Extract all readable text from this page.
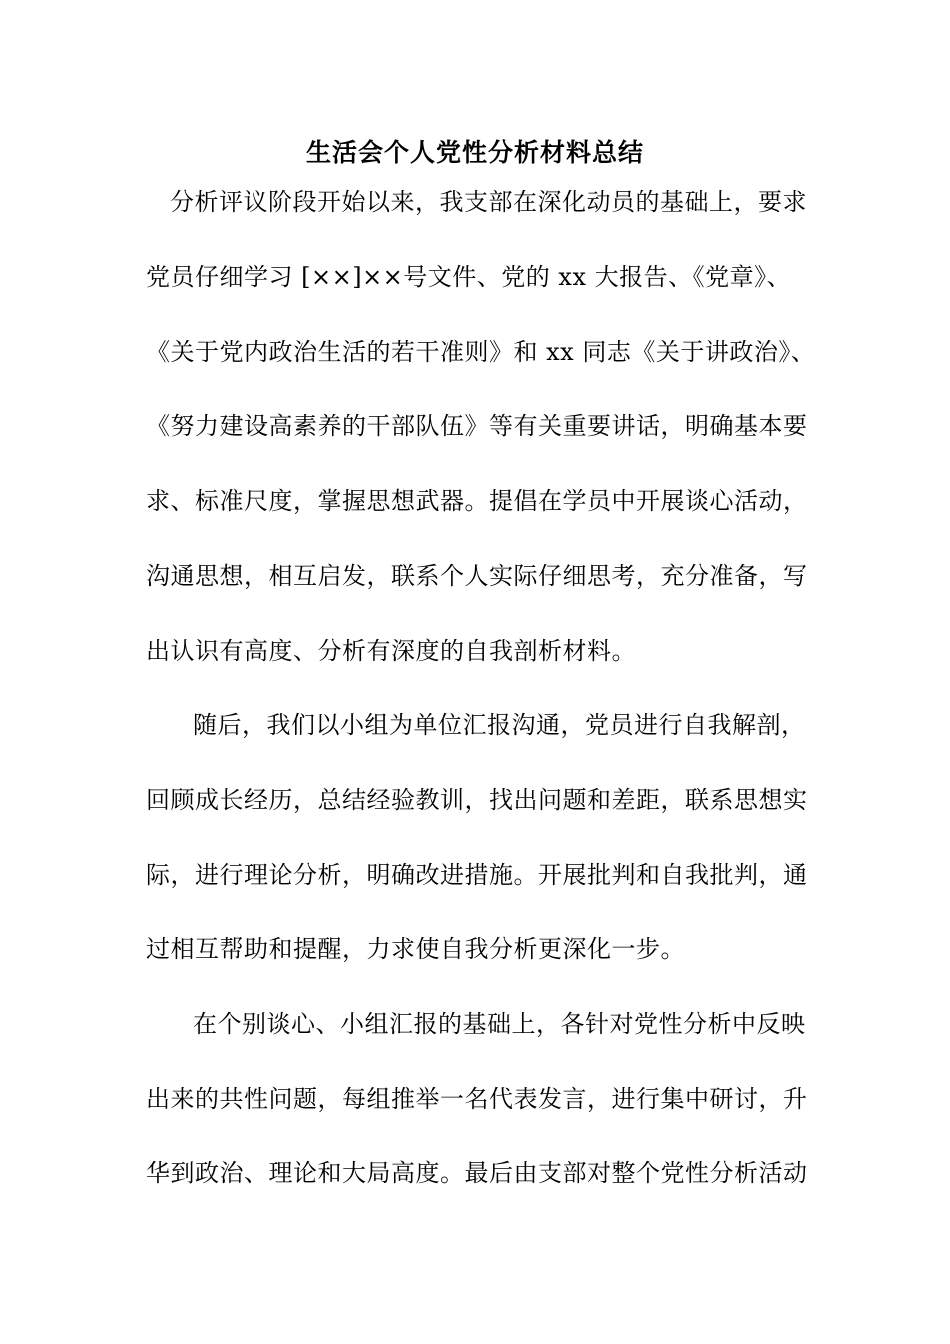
生活会个人党性分析材料总结
分析评议阶段开始以来，我支部在深化动员的基础上，要求
党员仔细学习 [××]××号文件、党的 xx 大报告、《党章》、
《关于党内政治生活的若干准则》和 xx 同志《关于讲政治》、
《努力建设高素养的干部队伍》等有关重要讲话，明确基本要
求、标准尺度，掌握思想武器。提倡在学员中开展谈心活动，
沟通思想，相互启发，联系个人实际仔细思考，充分准备，写
出认识有高度、分析有深度的自我剖析材料。
随后，我们以小组为单位汇报沟通，党员进行自我解剖，
回顾成长经历，总结经验教训，找出问题和差距，联系思想实
际，进行理论分析，明确改进措施。开展批判和自我批判，通
过相互帮助和提醒，力求使自我分析更深化一步。
在个别谈心、小组汇报的基础上，各针对党性分析中反映
出来的共性问题，每组推举一名代表发言，进行集中研讨，升
华到政治、理论和大局高度。最后由支部对整个党性分析活动
